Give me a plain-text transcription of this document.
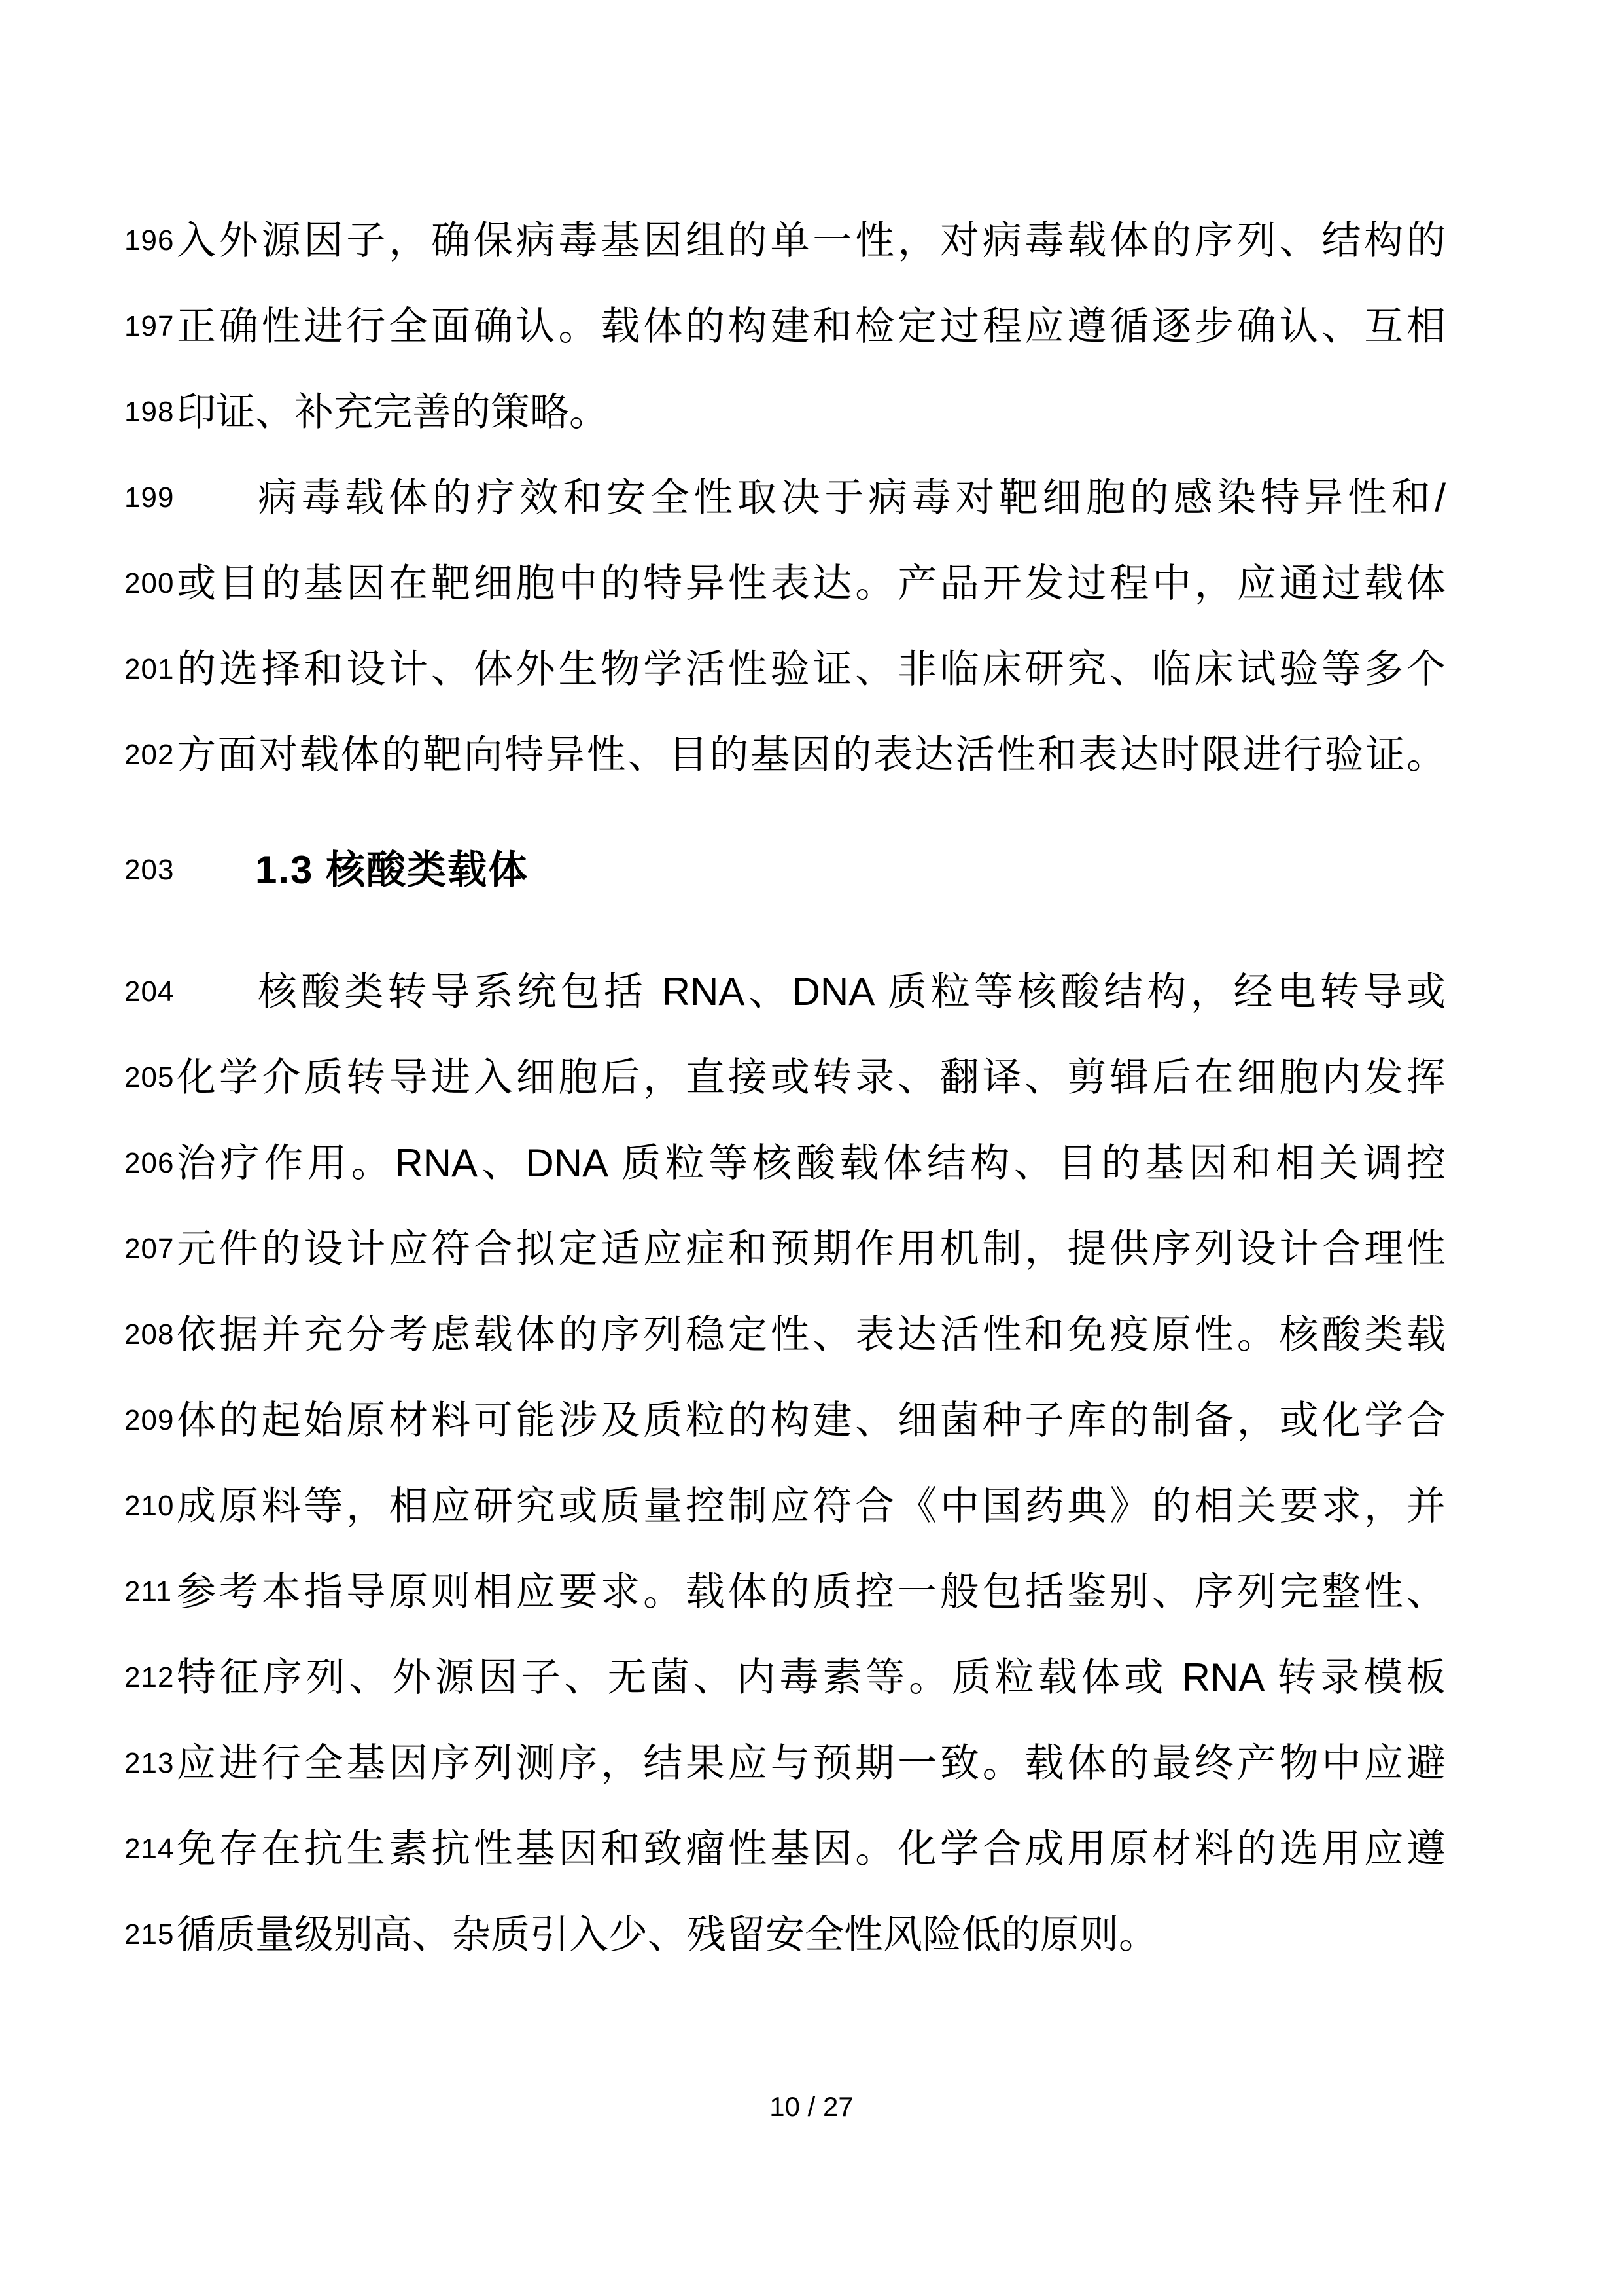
196 入外源因子，确保病毒基因组的单一性，对病毒载体的序列、结构的
197 正确性进行全面确认。载体的构建和检定过程应遵循逐步确认、互相
198 印证、补充完善的策略。
199	病毒载体的疗效和安全性取决于病毒对靶细胞的感染特异性和/
200 或目的基因在靶细胞中的特异性表达。产品开发过程中，应通过载体
201 的选择和设计、体外生物学活性验证、非临床研究、临床试验等多个
202 方面对载体的靶向特异性、目的基因的表达活性和表达时限进行验证。
203	1.3 核酸类载体
204	核酸类转导系统包括 RNA、DNA 质粒等核酸结构，经电转导或
205 化学介质转导进入细胞后，直接或转录、翻译、剪辑后在细胞内发挥
206 治疗作用。RNA、DNA 质粒等核酸载体结构、目的基因和相关调控
207 元件的设计应符合拟定适应症和预期作用机制，提供序列设计合理性
208 依据并充分考虑载体的序列稳定性、表达活性和免疫原性。核酸类载
209 体的起始原材料可能涉及质粒的构建、细菌种子库的制备，或化学合
210 成原料等，相应研究或质量控制应符合《中国药典》的相关要求，并
211 参考本指导原则相应要求。载体的质控一般包括鉴别、序列完整性、
212 特征序列、外源因子、无菌、内毒素等。质粒载体或 RNA 转录模板
213 应进行全基因序列测序，结果应与预期一致。载体的最终产物中应避
214 免存在抗生素抗性基因和致瘤性基因。化学合成用原材料的选用应遵
215 循质量级别高、杂质引入少、残留安全性风险低的原则。
10 / 27
